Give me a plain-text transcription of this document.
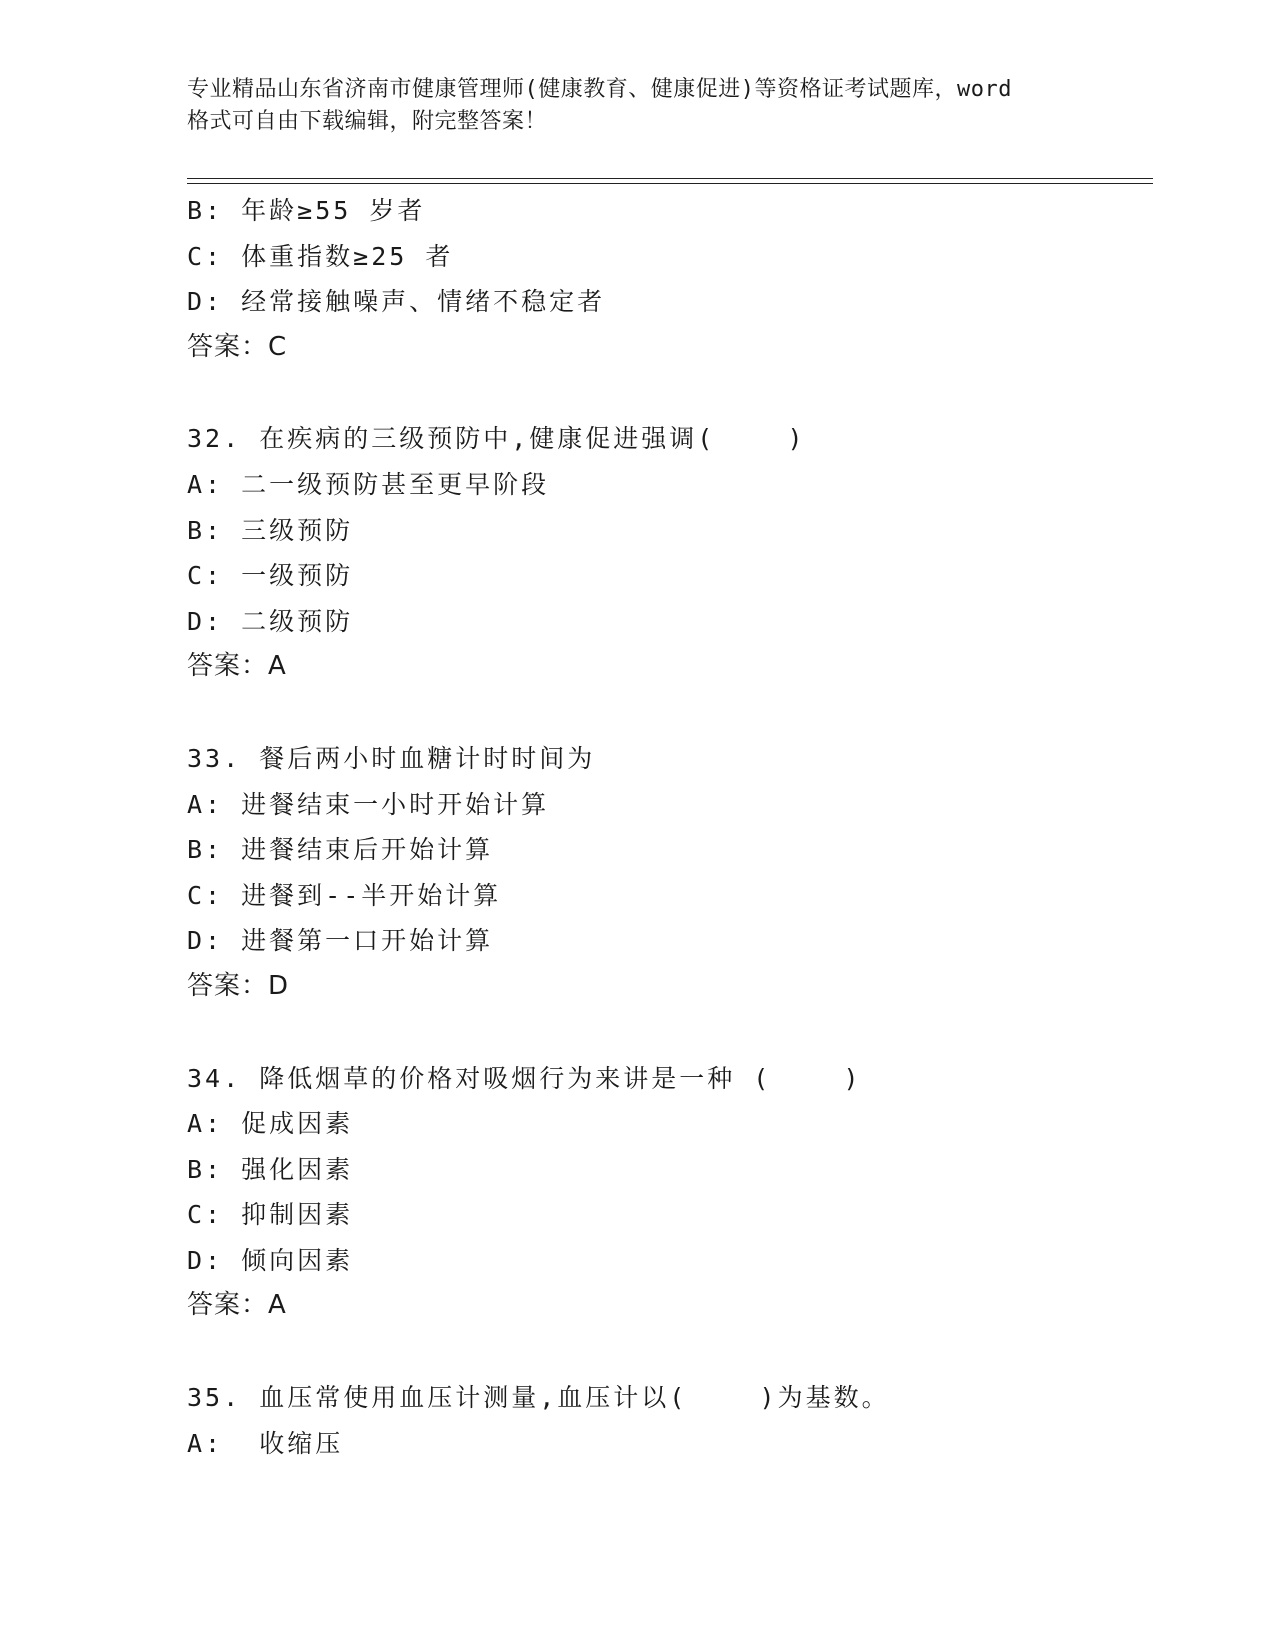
专业精品山东省济南市健康管理师(健康教育、健康促进)等资格证考试题库，word
格式可自由下载编辑，附完整答案！
B: 年龄≥55 岁者
C: 体重指数≥25 者
D: 经常接触噪声、情绪不稳定者
答案：C
32. 在疾病的三级预防中,健康促进强调(    )
A: 二一级预防甚至更早阶段
B: 三级预防
C: 一级预防
D: 二级预防
答案：A
33. 餐后两小时血糖计时时间为
A: 进餐结束一小时开始计算
B: 进餐结束后开始计算
C: 进餐到--半开始计算
D: 进餐第一口开始计算
答案：D
34. 降低烟草的价格对吸烟行为来讲是一种 (    )
A: 促成因素
B: 强化因素
C: 抑制因素
D: 倾向因素
答案：A
35. 血压常使用血压计测量,血压计以(    )为基数。
A:  收缩压
